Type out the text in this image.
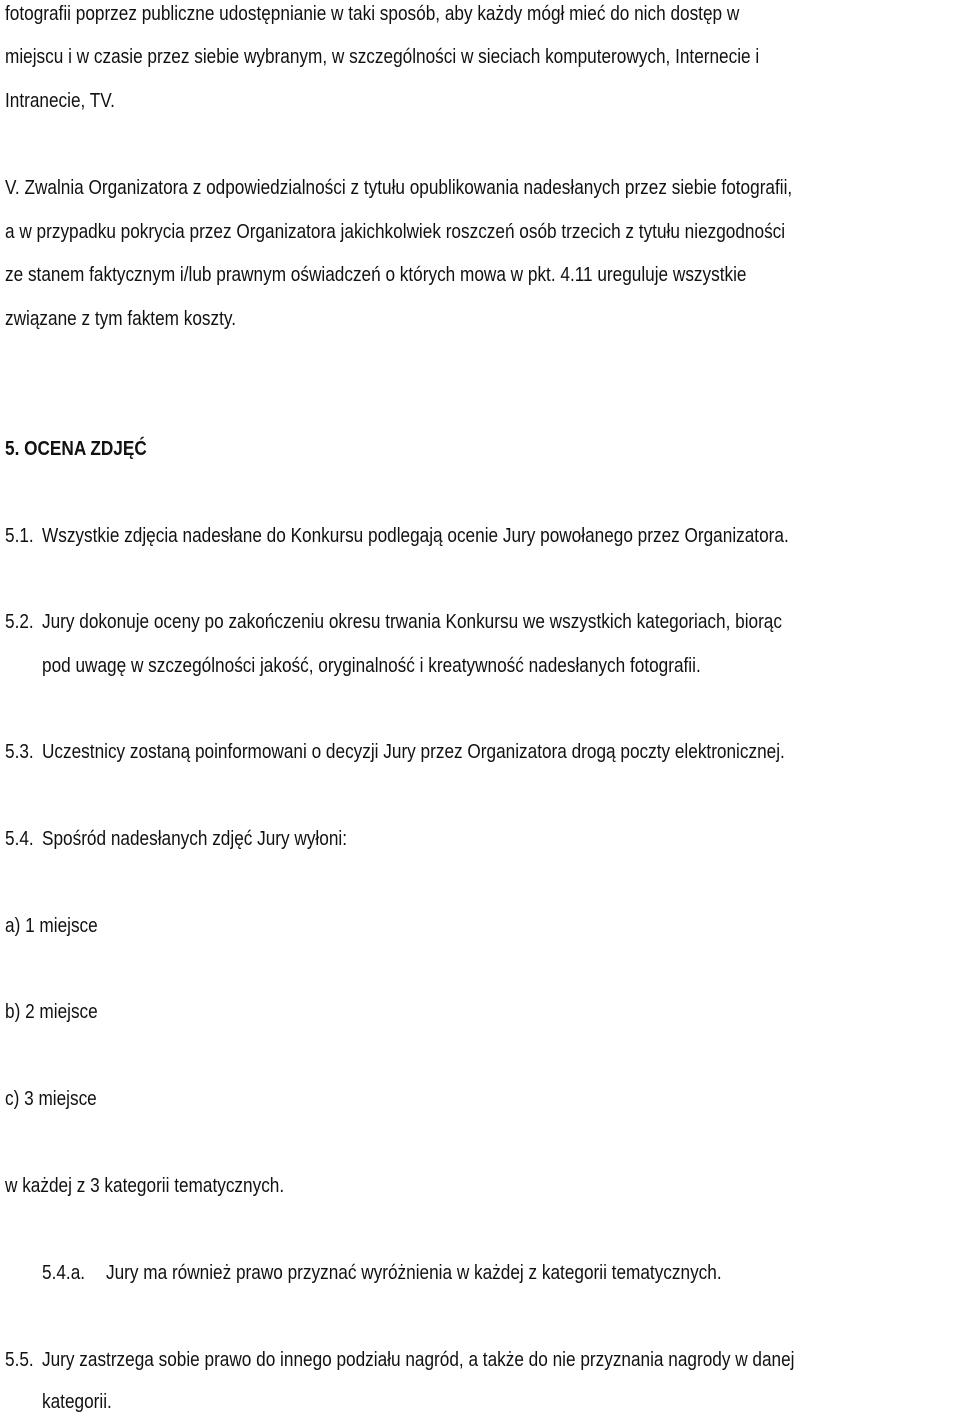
fotografii poprzez publiczne udostępnianie w taki sposób, aby każdy mógł mieć do nich dostęp w
miejscu i w czasie przez siebie wybranym, w szczególności w sieciach komputerowych, Internecie i
Intranecie, TV.
V. Zwalnia Organizatora z odpowiedzialności z tytułu opublikowania nadesłanych przez siebie fotografii,
a w przypadku pokrycia przez Organizatora jakichkolwiek roszczeń osób trzecich z tytułu niezgodności
ze stanem faktycznym i/lub prawnym oświadczeń o których mowa w pkt. 4.11 ureguluje wszystkie
związane z tym faktem koszty.
5. OCENA ZDJĘĆ
5.1. Wszystkie zdjęcia nadesłane do Konkursu podlegają ocenie Jury powołanego przez Organizatora.
5.2. Jury dokonuje oceny po zakończeniu okresu trwania Konkursu we wszystkich kategoriach, biorąc
pod uwagę w szczególności jakość, oryginalność i kreatywność nadesłanych fotografii.
5.3. Uczestnicy zostaną poinformowani o decyzji Jury przez Organizatora drogą poczty elektronicznej.
5.4. Spośród nadesłanych zdjęć Jury wyłoni:
a) 1 miejsce
b) 2 miejsce
c) 3 miejsce
w każdej z 3 kategorii tematycznych.
5.4.a. Jury ma również prawo przyznać wyróżnienia w każdej z kategorii tematycznych.
5.5. Jury zastrzega sobie prawo do innego podziału nagród, a także do nie przyznania nagrody w danej
kategorii.
